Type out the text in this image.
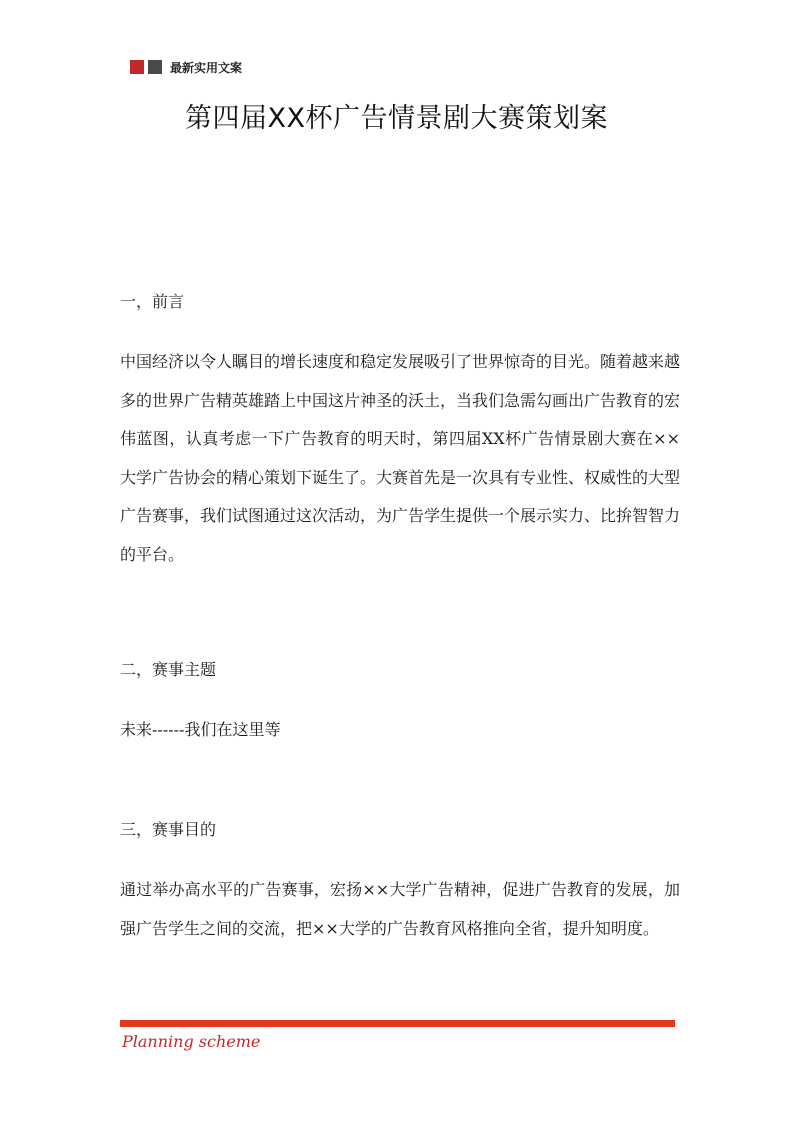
最新实用文案
第四届XX杯广告情景剧大赛策划案
一，前言

中国经济以令人瞩目的增长速度和稳定发展吸引了世界惊奇的目光。随着越来越多的世界广告精英雄踏上中国这片神圣的沃土，当我们急需勾画出广告教育的宏伟蓝图，认真考虑一下广告教育的明天时，第四届XX杯广告情景剧大赛在××大学广告协会的精心策划下诞生了。大赛首先是一次具有专业性、权威性的大型广告赛事，我们试图通过这次活动，为广告学生提供一个展示实力、比拚智智力的平台。

二，赛事主题

未来------我们在这里等

三，赛事目的

通过举办高水平的广告赛事，宏扬××大学广告精神，促进广告教育的发展，加强广告学生之间的交流，把××大学的广告教育风格推向全省，提升知明度。

Planning scheme
